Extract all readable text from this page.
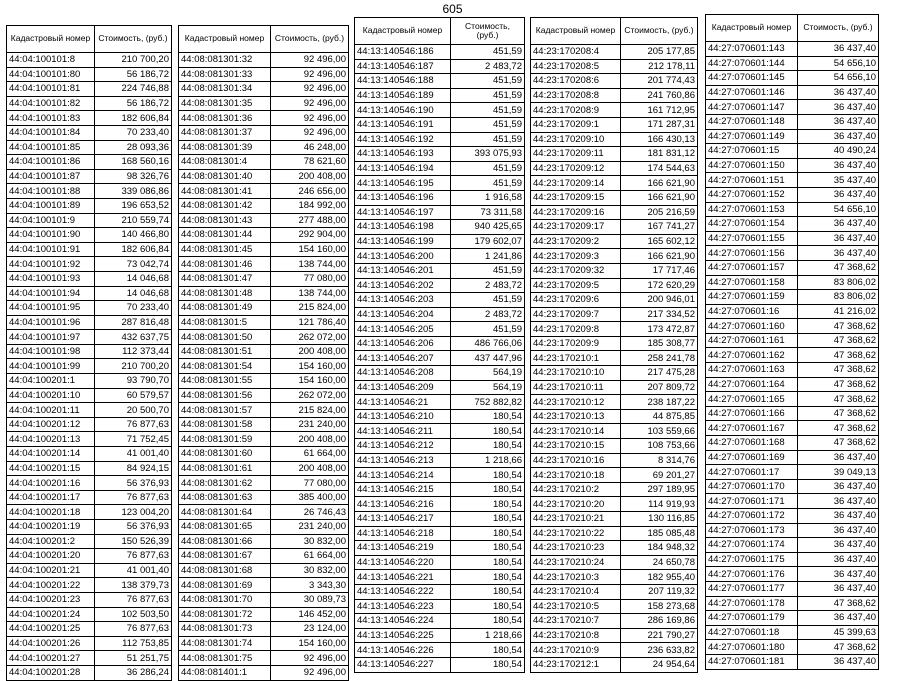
605
Кадастровый номер	Стоимость, (руб.)
44:04:100101:8	210 700,20
44:04:100101:80	56 186,72
44:04:100101:81	224 746,88
44:04:100101:82	56 186,72
44:04:100101:83	182 606,84
44:04:100101:84	70 233,40
44:04:100101:85	28 093,36
44:04:100101:86	168 560,16
44:04:100101:87	98 326,76
44:04:100101:88	339 086,86
44:04:100101:89	196 653,52
44:04:100101:9	210 559,74
44:04:100101:90	140 466,80
44:04:100101:91	182 606,84
44:04:100101:92	73 042,74
44:04:100101:93	14 046,68
44:04:100101:94	14 046,68
44:04:100101:95	70 233,40
44:04:100101:96	287 816,48
44:04:100101:97	432 637,75
44:04:100101:98	112 373,44
44:04:100101:99	210 700,20
44:04:100201:1	93 790,70
44:04:100201:10	60 579,57
44:04:100201:11	20 500,70
44:04:100201:12	76 877,63
44:04:100201:13	71 752,45
44:04:100201:14	41 001,40
44:04:100201:15	84 924,15
44:04:100201:16	56 376,93
44:04:100201:17	76 877,63
44:04:100201:18	123 004,20
44:04:100201:19	56 376,93
44:04:100201:2	150 526,39
44:04:100201:20	76 877,63
44:04:100201:21	41 001,40
44:04:100201:22	138 379,73
44:04:100201:23	76 877,63
44:04:100201:24	102 503,50
44:04:100201:25	76 877,63
44:04:100201:26	112 753,85
44:04:100201:27	51 251,75
44:04:100201:28	36 286,24
Кадастровый номер	Стоимость, (руб.)
44:08:081301:32	92 496,00
44:08:081301:33	92 496,00
44:08:081301:34	92 496,00
44:08:081301:35	92 496,00
44:08:081301:36	92 496,00
44:08:081301:37	92 496,00
44:08:081301:39	46 248,00
44:08:081301:4	78 621,60
44:08:081301:40	200 408,00
44:08:081301:41	246 656,00
44:08:081301:42	184 992,00
44:08:081301:43	277 488,00
44:08:081301:44	292 904,00
44:08:081301:45	154 160,00
44:08:081301:46	138 744,00
44:08:081301:47	77 080,00
44:08:081301:48	138 744,00
44:08:081301:49	215 824,00
44:08:081301:5	121 786,40
44:08:081301:50	262 072,00
44:08:081301:51	200 408,00
44:08:081301:54	154 160,00
44:08:081301:55	154 160,00
44:08:081301:56	262 072,00
44:08:081301:57	215 824,00
44:08:081301:58	231 240,00
44:08:081301:59	200 408,00
44:08:081301:60	61 664,00
44:08:081301:61	200 408,00
44:08:081301:62	77 080,00
44:08:081301:63	385 400,00
44:08:081301:64	26 746,43
44:08:081301:65	231 240,00
44:08:081301:66	30 832,00
44:08:081301:67	61 664,00
44:08:081301:68	30 832,00
44:08:081301:69	3 343,30
44:08:081301:70	30 089,73
44:08:081301:72	146 452,00
44:08:081301:73	23 124,00
44:08:081301:74	154 160,00
44:08:081301:75	92 496,00
44:08:081401:1	92 496,00
Кадастровый номер	Стоимость, (руб.)
44:13:140546:186	451,59
44:13:140546:187	2 483,72
44:13:140546:188	451,59
44:13:140546:189	451,59
44:13:140546:190	451,59
44:13:140546:191	451,59
44:13:140546:192	451,59
44:13:140546:193	393 075,93
44:13:140546:194	451,59
44:13:140546:195	451,59
44:13:140546:196	1 916,58
44:13:140546:197	73 311,58
44:13:140546:198	940 425,65
44:13:140546:199	179 602,07
44:13:140546:200	1 241,86
44:13:140546:201	451,59
44:13:140546:202	2 483,72
44:13:140546:203	451,59
44:13:140546:204	2 483,72
44:13:140546:205	451,59
44:13:140546:206	486 766,06
44:13:140546:207	437 447,96
44:13:140546:208	564,19
44:13:140546:209	564,19
44:13:140546:21	752 882,82
44:13:140546:210	180,54
44:13:140546:211	180,54
44:13:140546:212	180,54
44:13:140546:213	1 218,66
44:13:140546:214	180,54
44:13:140546:215	180,54
44:13:140546:216	180,54
44:13:140546:217	180,54
44:13:140546:218	180,54
44:13:140546:219	180,54
44:13:140546:220	180,54
44:13:140546:221	180,54
44:13:140546:222	180,54
44:13:140546:223	180,54
44:13:140546:224	180,54
44:13:140546:225	1 218,66
44:13:140546:226	180,54
44:13:140546:227	180,54
Кадастровый номер	Стоимость, (руб.)
44:23:170208:4	205 177,85
44:23:170208:5	212 178,11
44:23:170208:6	201 774,43
44:23:170208:8	241 760,86
44:23:170208:9	161 712,95
44:23:170209:1	171 287,31
44:23:170209:10	166 430,13
44:23:170209:11	181 831,12
44:23:170209:12	174 544,63
44:23:170209:14	166 621,90
44:23:170209:15	166 621,90
44:23:170209:16	205 216,59
44:23:170209:17	167 741,27
44:23:170209:2	165 602,12
44:23:170209:3	166 621,90
44:23:170209:32	17 717,46
44:23:170209:5	172 620,29
44:23:170209:6	200 946,01
44:23:170209:7	217 334,52
44:23:170209:8	173 472,87
44:23:170209:9	185 308,77
44:23:170210:1	258 241,78
44:23:170210:10	217 475,28
44:23:170210:11	207 809,72
44:23:170210:12	238 187,22
44:23:170210:13	44 875,85
44:23:170210:14	103 559,66
44:23:170210:15	108 753,66
44:23:170210:16	8 314,76
44:23:170210:18	69 201,27
44:23:170210:2	297 189,95
44:23:170210:20	114 919,93
44:23:170210:21	130 116,85
44:23:170210:22	185 085,48
44:23:170210:23	184 948,32
44:23:170210:24	24 650,78
44:23:170210:3	182 955,40
44:23:170210:4	207 119,32
44:23:170210:5	158 273,68
44:23:170210:7	286 169,86
44:23:170210:8	221 790,27
44:23:170210:9	236 633,82
44:23:170212:1	24 954,64
Кадастровый номер	Стоимость, (руб.)
44:27:070601:143	36 437,40
44:27:070601:144	54 656,10
44:27:070601:145	54 656,10
44:27:070601:146	36 437,40
44:27:070601:147	36 437,40
44:27:070601:148	36 437,40
44:27:070601:149	36 437,40
44:27:070601:15	40 490,24
44:27:070601:150	36 437,40
44:27:070601:151	35 437,40
44:27:070601:152	36 437,40
44:27:070601:153	54 656,10
44:27:070601:154	36 437,40
44:27:070601:155	36 437,40
44:27:070601:156	36 437,40
44:27:070601:157	47 368,62
44:27:070601:158	83 806,02
44:27:070601:159	83 806,02
44:27:070601:16	41 216,02
44:27:070601:160	47 368,62
44:27:070601:161	47 368,62
44:27:070601:162	47 368,62
44:27:070601:163	47 368,62
44:27:070601:164	47 368,62
44:27:070601:165	47 368,62
44:27:070601:166	47 368,62
44:27:070601:167	47 368,62
44:27:070601:168	47 368,62
44:27:070601:169	36 437,40
44:27:070601:17	39 049,13
44:27:070601:170	36 437,40
44:27:070601:171	36 437,40
44:27:070601:172	36 437,40
44:27:070601:173	36 437,40
44:27:070601:174	36 437,40
44:27:070601:175	36 437,40
44:27:070601:176	36 437,40
44:27:070601:177	36 437,40
44:27:070601:178	47 368,62
44:27:070601:179	36 437,40
44:27:070601:18	45 399,63
44:27:070601:180	47 368,62
44:27:070601:181	36 437,40
